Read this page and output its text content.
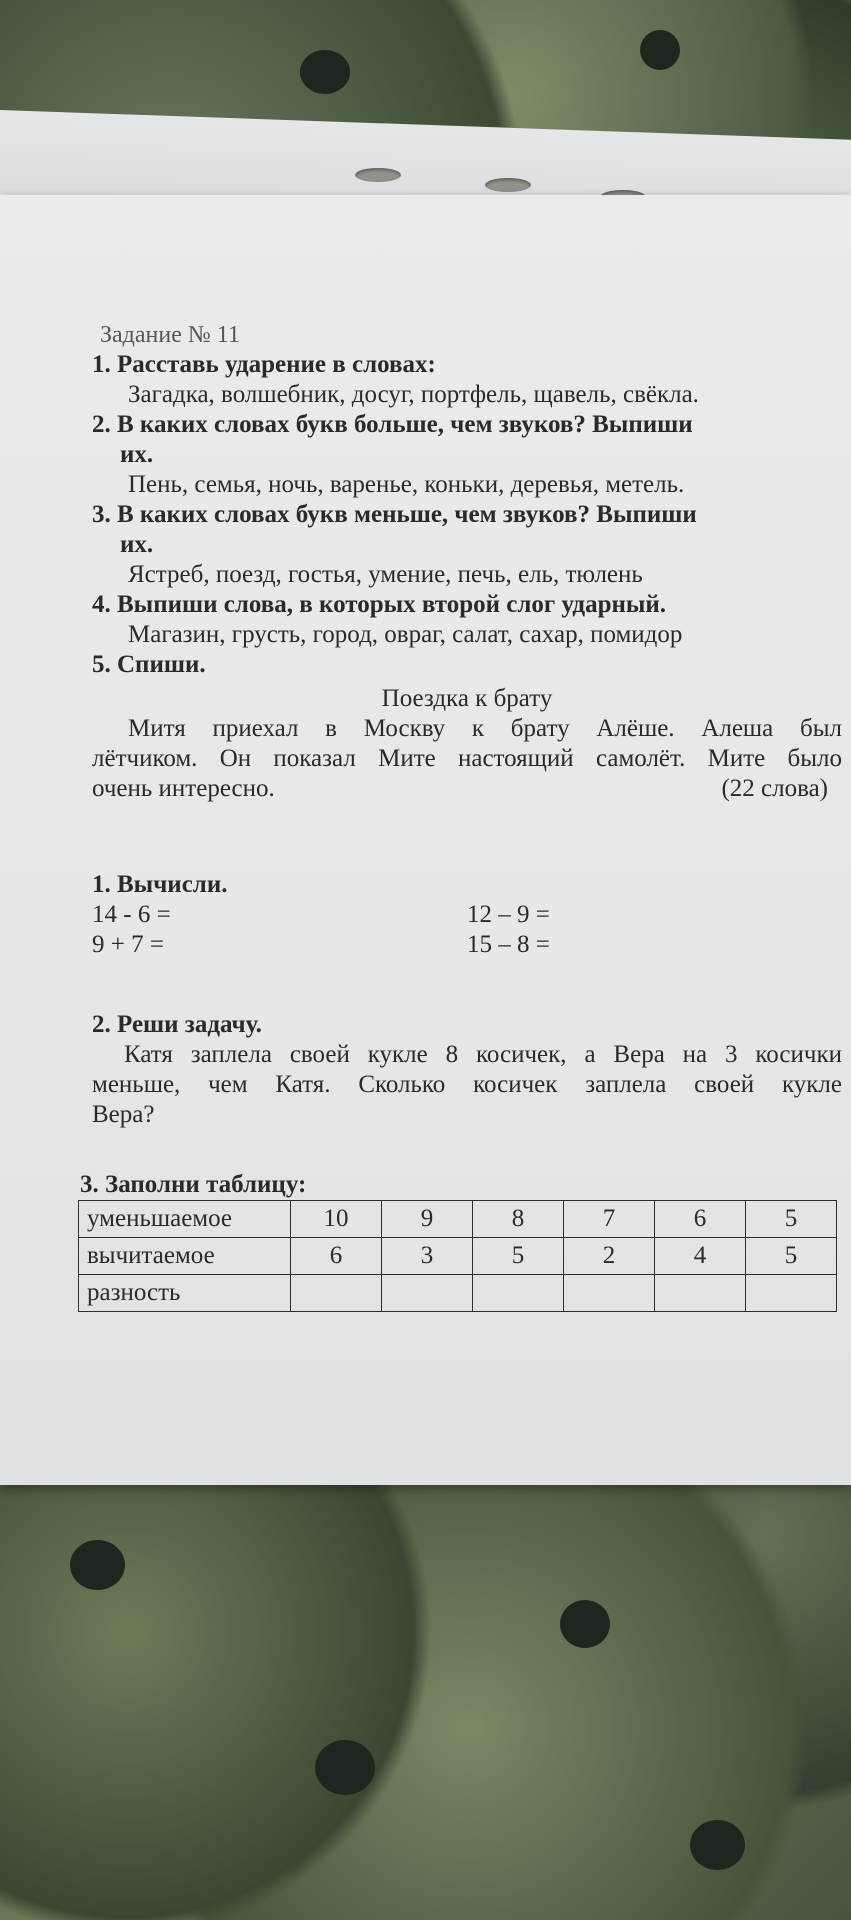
Задание № 11
1. Расставь ударение в словах:
Загадка, волшебник, досуг, портфель, щавель, свёкла.
2. В каких словах букв больше, чем звуков? Выпиши
их.
Пень, семья, ночь, варенье, коньки, деревья, метель.
3. В каких словах букв меньше, чем звуков? Выпиши
их.
Ястреб, поезд, гостья, умение, печь, ель, тюлень
4. Выпиши слова, в которых второй слог ударный.
Магазин, грусть, город, овраг, салат, сахар, помидор
5. Спиши.
Поездка к брату
Митя приехал в Москву к брату Алёше. Алеша был
лётчиком. Он показал Мите настоящий самолёт. Мите было
очень интересно.	(22 слова)
1. Вычисли.
14 - 6 =	12 – 9 =
9 + 7 =	15 – 8 =
2. Реши задачу.
Катя заплела своей кукле 8 косичек, а Вера на 3 косички
меньше, чем Катя. Сколько косичек заплела своей кукле
Вера?
3. Заполни таблицу:
уменьшаемое	10	9	8	7	6	5
вычитаемое	6	3	5	2	4	5
разность						
